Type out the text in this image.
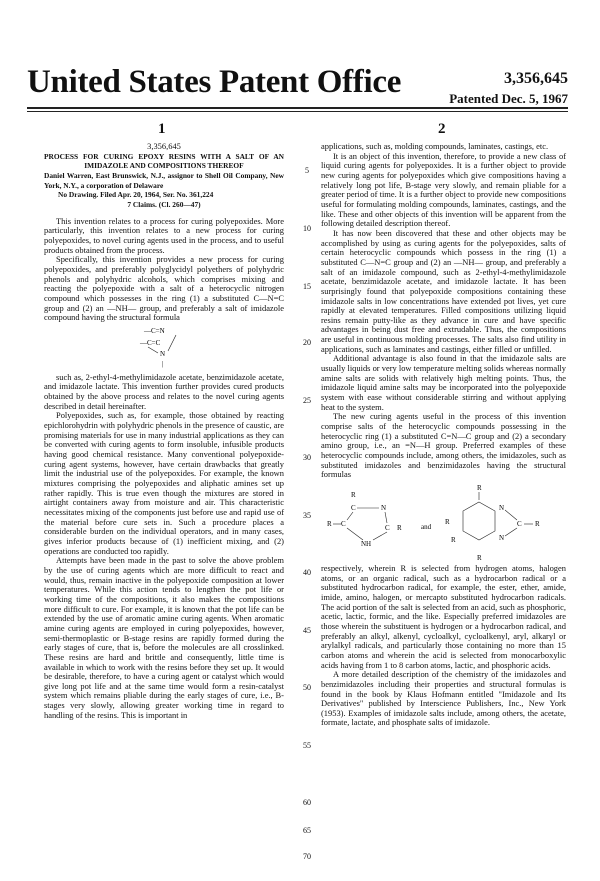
United States Patent Office	3,356,645
Patented Dec. 5, 1967
1	2

3,356,645

PROCESS FOR CURING EPOXY RESINS WITH A SALT OF AN IMIDAZOLE AND COMPOSITIONS THEREOF

Daniel Warren, East Brunswick, N.J., assignor to Shell Oil Company, New York, N.Y., a corporation of Delaware

No Drawing. Filed Apr. 20, 1964, Ser. No. 361,224

7 Claims. (Cl. 260—47)

This invention relates to a process for curing polyepoxides. More particularly, this invention relates to a new process for curing polyepoxides, to novel curing agents used in the process, and to useful products obtained from the process.

Specifically, this invention provides a new process for curing polyepoxides, and preferably polyglycidyl polyethers of polyhydric phenols and polyhydric alcohols, which comprises mixing and reacting the polyepoxide with a salt of a heterocyclic nitrogen compound which possesses in the ring (1) a substituted C—N=C group and (2) an —NH— group, and preferably a salt of imidazole compound having the structural formula

—C=N
—C=C
N
|

such as, 2-ethyl-4-methylimidazole acetate, benzimidazole acetate, and imidazole lactate. This invention further provides cured products obtained by the above process and relates to the novel curing agents described in detail hereinafter.

Polyepoxides, such as, for example, those obtained by reacting epichlorohydrin with polyhydric phenols in the presence of caustic, are promising materials for use in many industrial applications as they can be converted with curing agents to form insoluble, infusible products having good chemical resistance. Many conventional polyepoxide-curing agent systems, however, have certain drawbacks that greatly limit the industrial use of the polyepoxides. For example, the known mixtures comprising the polyepoxides and aliphatic amines set up rather rapidly. This is true even though the mixtures are stored in airtight containers away from moisture and air. This characteristic necessitates mixing of the components just before use and rapid use of the material before cure sets in. Such a procedure places a considerable burden on the individual operators, and in many cases, gives inferior products because of (1) inefficient mixing, and (2) operations are conducted too rapidly.

Attempts have been made in the past to solve the above problem by the use of curing agents which are more difficult to react and would, thus, remain inactive in the polyepoxide composition at lower temperatures. While this action tends to lengthen the pot life or working time of the compositions, it also makes the compositions more difficult to cure. For example, it is known that the pot life can be extended by the use of aromatic amine curing agents. When aromatic amine curing agents are employed in curing polyepoxides, however, semi-thermoplastic or B-stage resins are rapidly formed during the early stages of cure, that is, before the molecules are all crosslinked. These resins are hard and brittle and consequently, little time is available in which to work with the resins before they set up. It would be desirable, therefore, to have a curing agent or catalyst which would give long pot life and at the same time would form a resin-catalyst system which remains pliable during the early stages of cure, i.e., B-stages very slowly, allowing greater working time in regard to handling of the resins. This is important in

5
10
15
20
25
30
35
40
45
50
55
60
65
70

applications, such as, molding compounds, laminates, castings, etc.

It is an object of this invention, therefore, to provide a new class of liquid curing agents for polyepoxides. It is a further object to provide new curing agents for polyepoxides which give compositions having a relatively long pot life, B-stage very slowly, and remain pliable for a greater period of time. It is a further object to provide new compositions useful for formulating molding compounds, laminates, castings, and the like. These and other objects of this invention will be apparent from the following detailed description thereof.

It has now been discovered that these and other objects may be accomplished by using as curing agents for the polyepoxides, salts of certain heterocyclic compounds which possess in the ring (1) a substituted C—N=C group and (2) an —NH— group, and preferably a salt of an imidazole compound, such as 2-ethyl-4-methylimidazole acetate, benzimidazole acetate, and imidazole lactate. It has been surprisingly found that polyepoxide compositions containing these imidazole salts in low concentrations have extended pot lives, yet cure rapidly at elevated temperatures. Filled compositions utilizing liquid resins remain putty-like as they advance in cure and have specific advantages in being dust free and extrudable. Thus, the compositions are useful in continuous molding processes. The salts also find utility in applications, such as laminates and castings, either filled or unfilled.

Additional advantage is also found in that the imidazole salts are usually liquids or very low temperature melting solids whereas normally amine salts are solids with relatively high melting points. Thus, the imidazole liquid amine salts may be incorporated into the polyepoxide system with ease without considerable stirring and without applying heat to the system.

The new curing agents useful in the process of this invention comprise salts of the heterocyclic compounds possessing in the heterocyclic ring (1) a substituted C=N—C group and (2) a secondary amino group, i.e., an =N—H group. Preferred examples of these heterocyclic compounds include, among others, the imidazoles, such as substituted imidazoles and benzimidazoles having the structural formulas

R C
C	N
C R
R
NH
and
R
R
R
R
N
N
C R

respectively, wherein R is selected from hydrogen atoms, halogen atoms, or an organic radical, such as a hydrocarbon radical or a substituted hydrocarbon radical, for example, the ester, ether, amide, imide, amino, halogen, or mercapto substituted hydrocarbon radicals. The acid portion of the salt is selected from an acid, such as phosphoric, acetic, lactic, formic, and the like. Especially preferred imidazoles are those wherein the substituent is hydrogen or a hydrocarbon radical, and preferably an alkyl, alkenyl, cycloalkyl, cycloalkenyl, aryl, alkaryl or arylalkyl radicals, and particularly those containing no more than 15 carbon atoms and wherein the acid is selected from monocarboxylic acids having from 1 to 8 carbon atoms, lactic, and phosphoric acids.

A more detailed description of the chemistry of the imidazoles and benzimidazoles including their properties and structural formulas is found in the book by Klaus Hofmann entitled "Imidazole and Its Derivatives" published by Interscience Publishers, Inc., New York (1953). Examples of imidazole salts include, among others, the acetate, formate, lactate, and phosphate salts of imidazole.
